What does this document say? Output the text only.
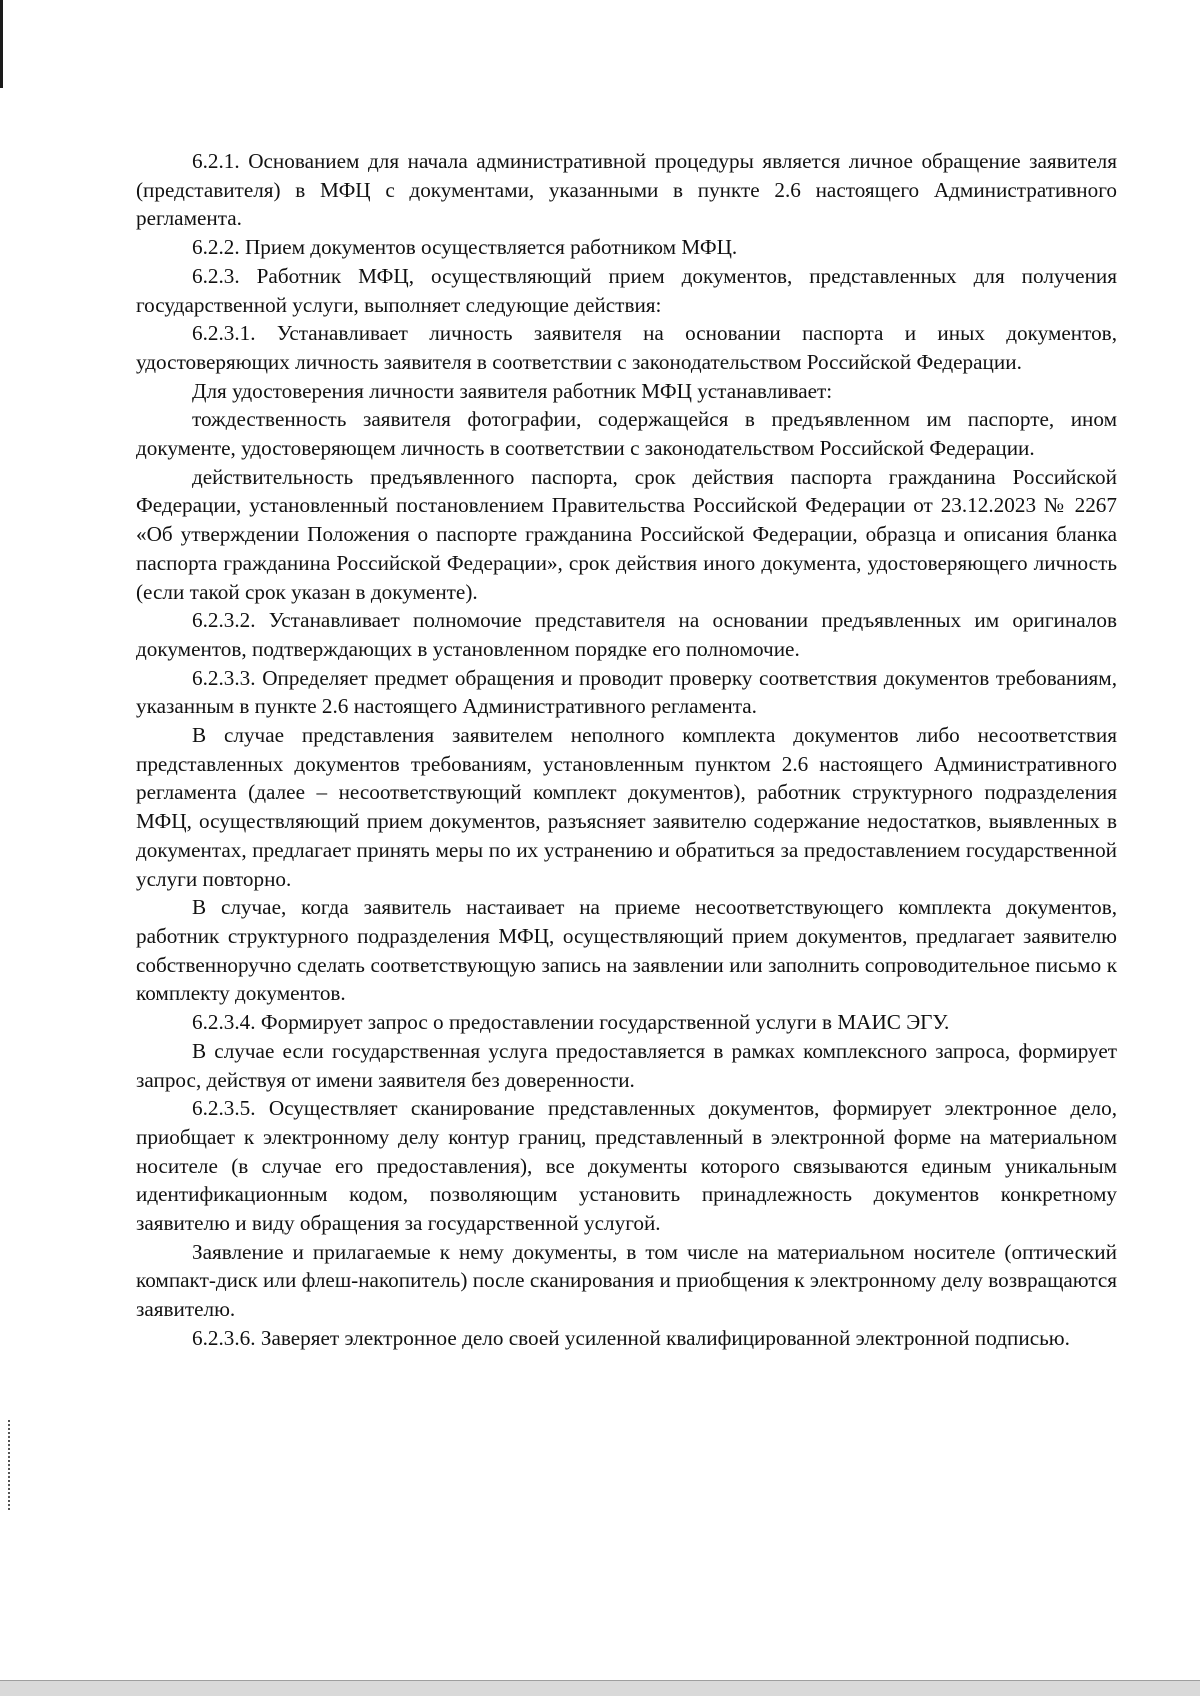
6.2.1. Основанием для начала административной процедуры является личное обращение заявителя (представителя) в МФЦ с документами, указанными в пункте 2.6 настоящего Административного регламента.

6.2.2. Прием документов осуществляется работником МФЦ.

6.2.3. Работник МФЦ, осуществляющий прием документов, представленных для получения государственной услуги, выполняет следующие действия:

6.2.3.1. Устанавливает личность заявителя на основании паспорта и иных документов, удостоверяющих личность заявителя в соответствии с законодательством Российской Федерации.

Для удостоверения личности заявителя работник МФЦ устанавливает:

тождественность заявителя фотографии, содержащейся в предъявленном им паспорте, ином документе, удостоверяющем личность в соответствии с законодательством Российской Федерации.

действительность предъявленного паспорта, срок действия паспорта гражданина Российской Федерации, установленный постановлением Правительства Российской Федерации от 23.12.2023 № 2267 «Об утверждении Положения о паспорте гражданина Российской Федерации, образца и описания бланка паспорта гражданина Российской Федерации», срок действия иного документа, удостоверяющего личность (если такой срок указан в документе).

6.2.3.2. Устанавливает полномочие представителя на основании предъявленных им оригиналов документов, подтверждающих в установленном порядке его полномочие.

6.2.3.3. Определяет предмет обращения и проводит проверку соответствия документов требованиям, указанным в пункте 2.6 настоящего Административного регламента.

В случае представления заявителем неполного комплекта документов либо несоответствия представленных документов требованиям, установленным пунктом 2.6 настоящего Административного регламента (далее – несоответствующий комплект документов), работник структурного подразделения МФЦ, осуществляющий прием документов, разъясняет заявителю содержание недостатков, выявленных в документах, предлагает принять меры по их устранению и обратиться за предоставлением государственной услуги повторно.

В случае, когда заявитель настаивает на приеме несоответствующего комплекта документов, работник структурного подразделения МФЦ, осуществляющий прием документов, предлагает заявителю собственноручно сделать соответствующую запись на заявлении или заполнить сопроводительное письмо к комплекту документов.

6.2.3.4. Формирует запрос о предоставлении государственной услуги в МАИС ЭГУ.

В случае если государственная услуга предоставляется в рамках комплексного запроса, формирует запрос, действуя от имени заявителя без доверенности.

6.2.3.5. Осуществляет сканирование представленных документов, формирует электронное дело, приобщает к электронному делу контур границ, представленный в электронной форме на материальном носителе (в случае его предоставления), все документы которого связываются единым уникальным идентификационным кодом, позволяющим установить принадлежность документов конкретному заявителю и виду обращения за государственной услугой.

Заявление и прилагаемые к нему документы, в том числе на материальном носителе (оптический компакт-диск или флеш-накопитель) после сканирования и приобщения к электронному делу возвращаются заявителю.

6.2.3.6. Заверяет электронное дело своей усиленной квалифицированной электронной подписью.
